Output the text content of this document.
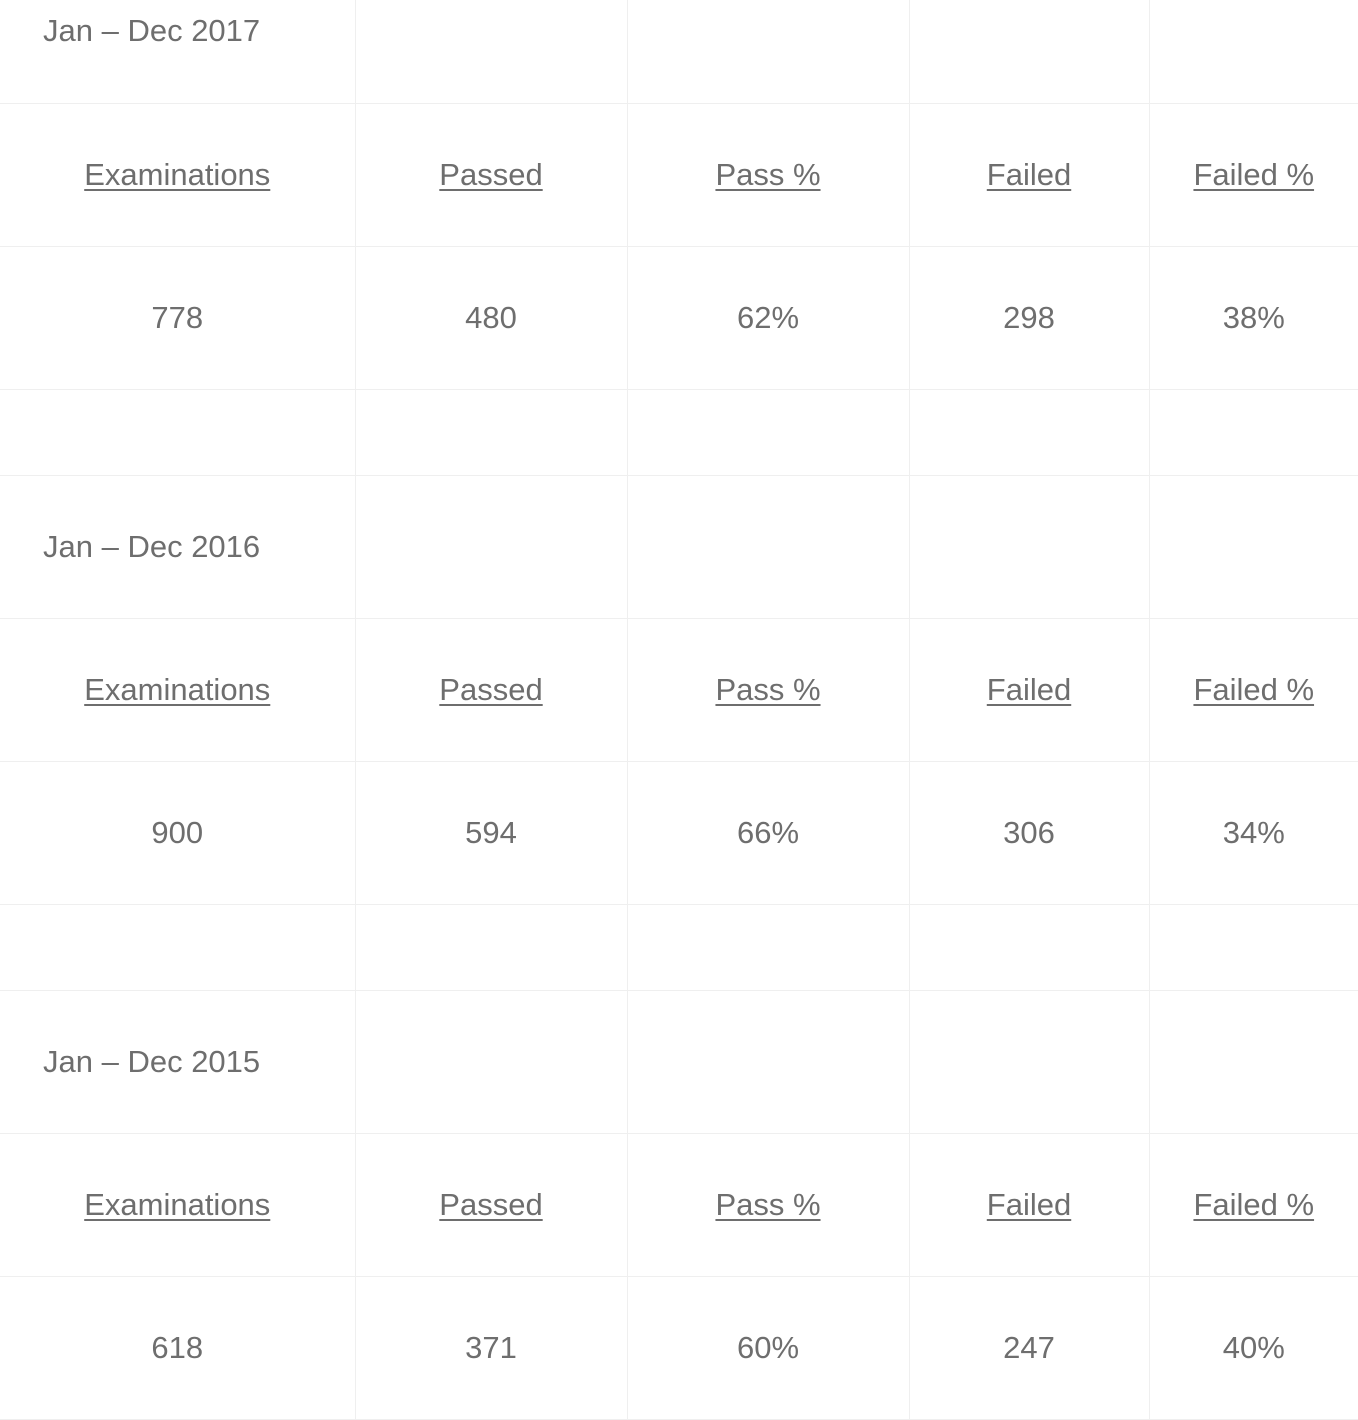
Jan – Dec 2017				
Examinations	Passed	Pass %	Failed	Failed %
778	480	62%	298	38%

Jan – Dec 2016				
Examinations	Passed	Pass %	Failed	Failed %
900	594	66%	306	34%

Jan – Dec 2015				
Examinations	Passed	Pass %	Failed	Failed %
618	371	60%	247	40%
